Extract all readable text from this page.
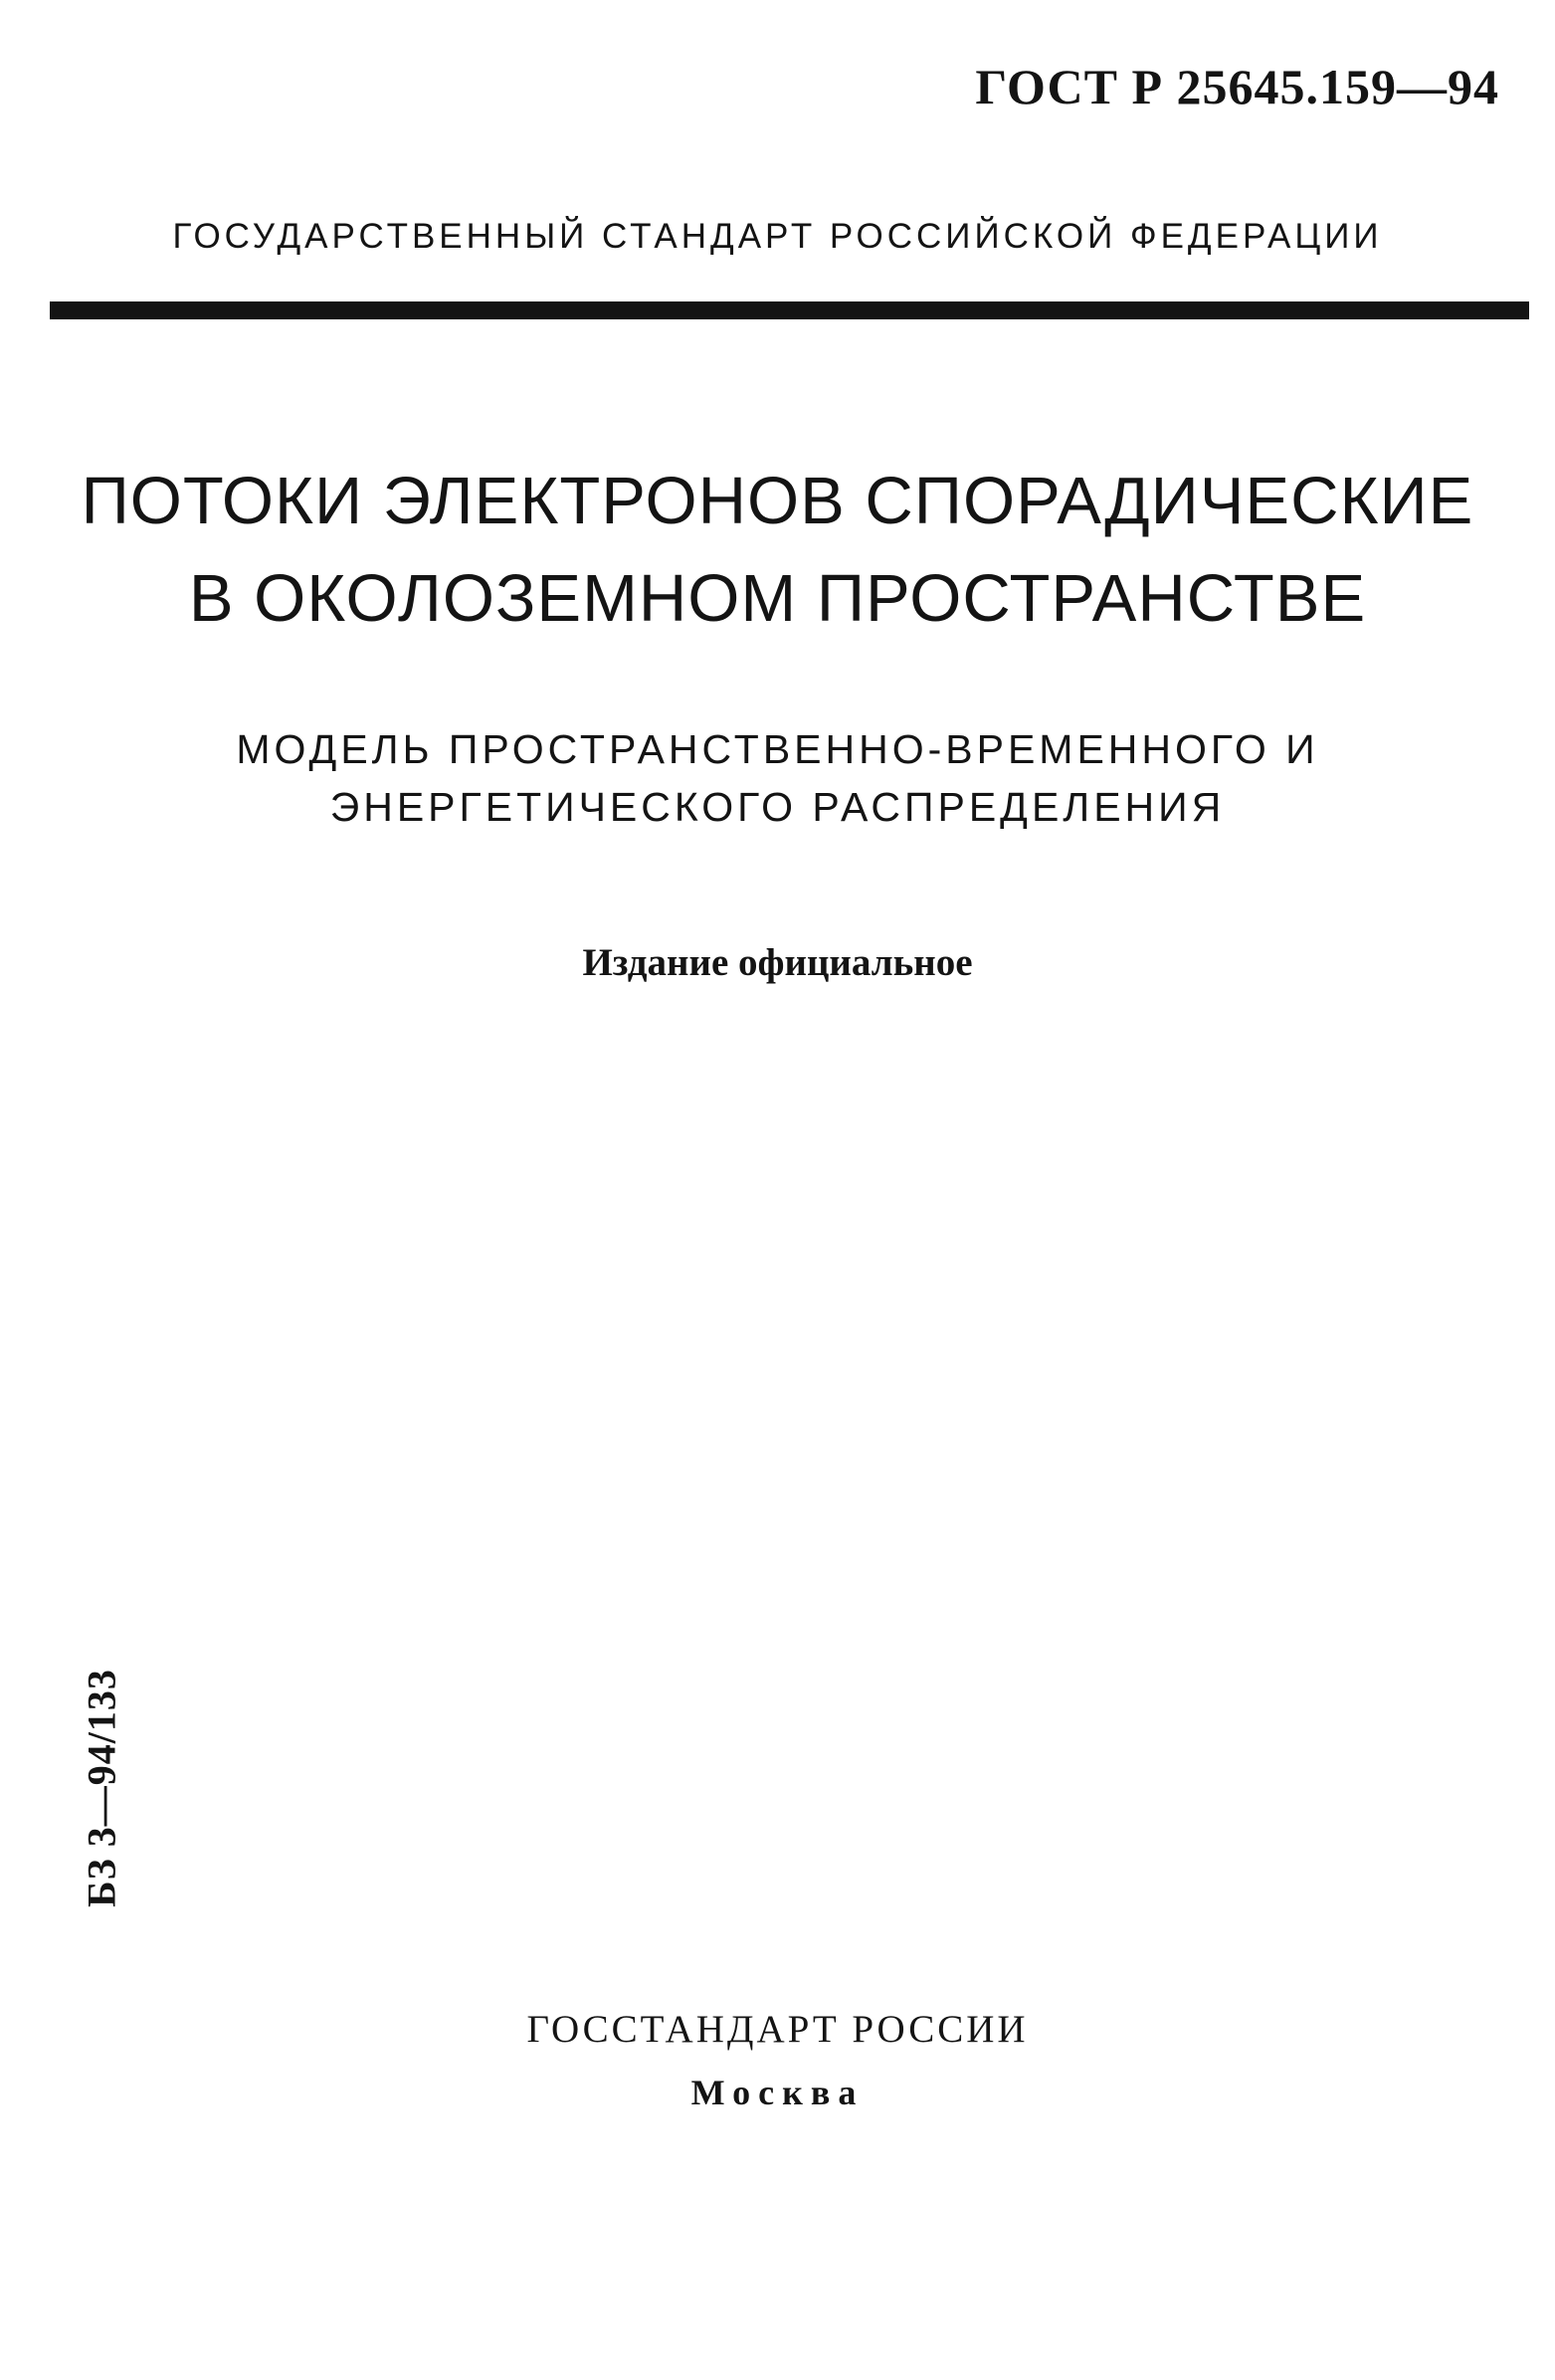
ГОСТ Р 25645.159—94
ГОСУДАРСТВЕННЫЙ СТАНДАРТ РОССИЙСКОЙ ФЕДЕРАЦИИ
ПОТОКИ ЭЛЕКТРОНОВ СПОРАДИЧЕСКИЕ
В ОКОЛОЗЕМНОМ ПРОСТРАНСТВЕ
МОДЕЛЬ ПРОСТРАНСТВЕННО-ВРЕМЕННОГО И
ЭНЕРГЕТИЧЕСКОГО РАСПРЕДЕЛЕНИЯ
Издание официальное
БЗ 3—94/133
ГОССТАНДАРТ РОССИИ
Москва
